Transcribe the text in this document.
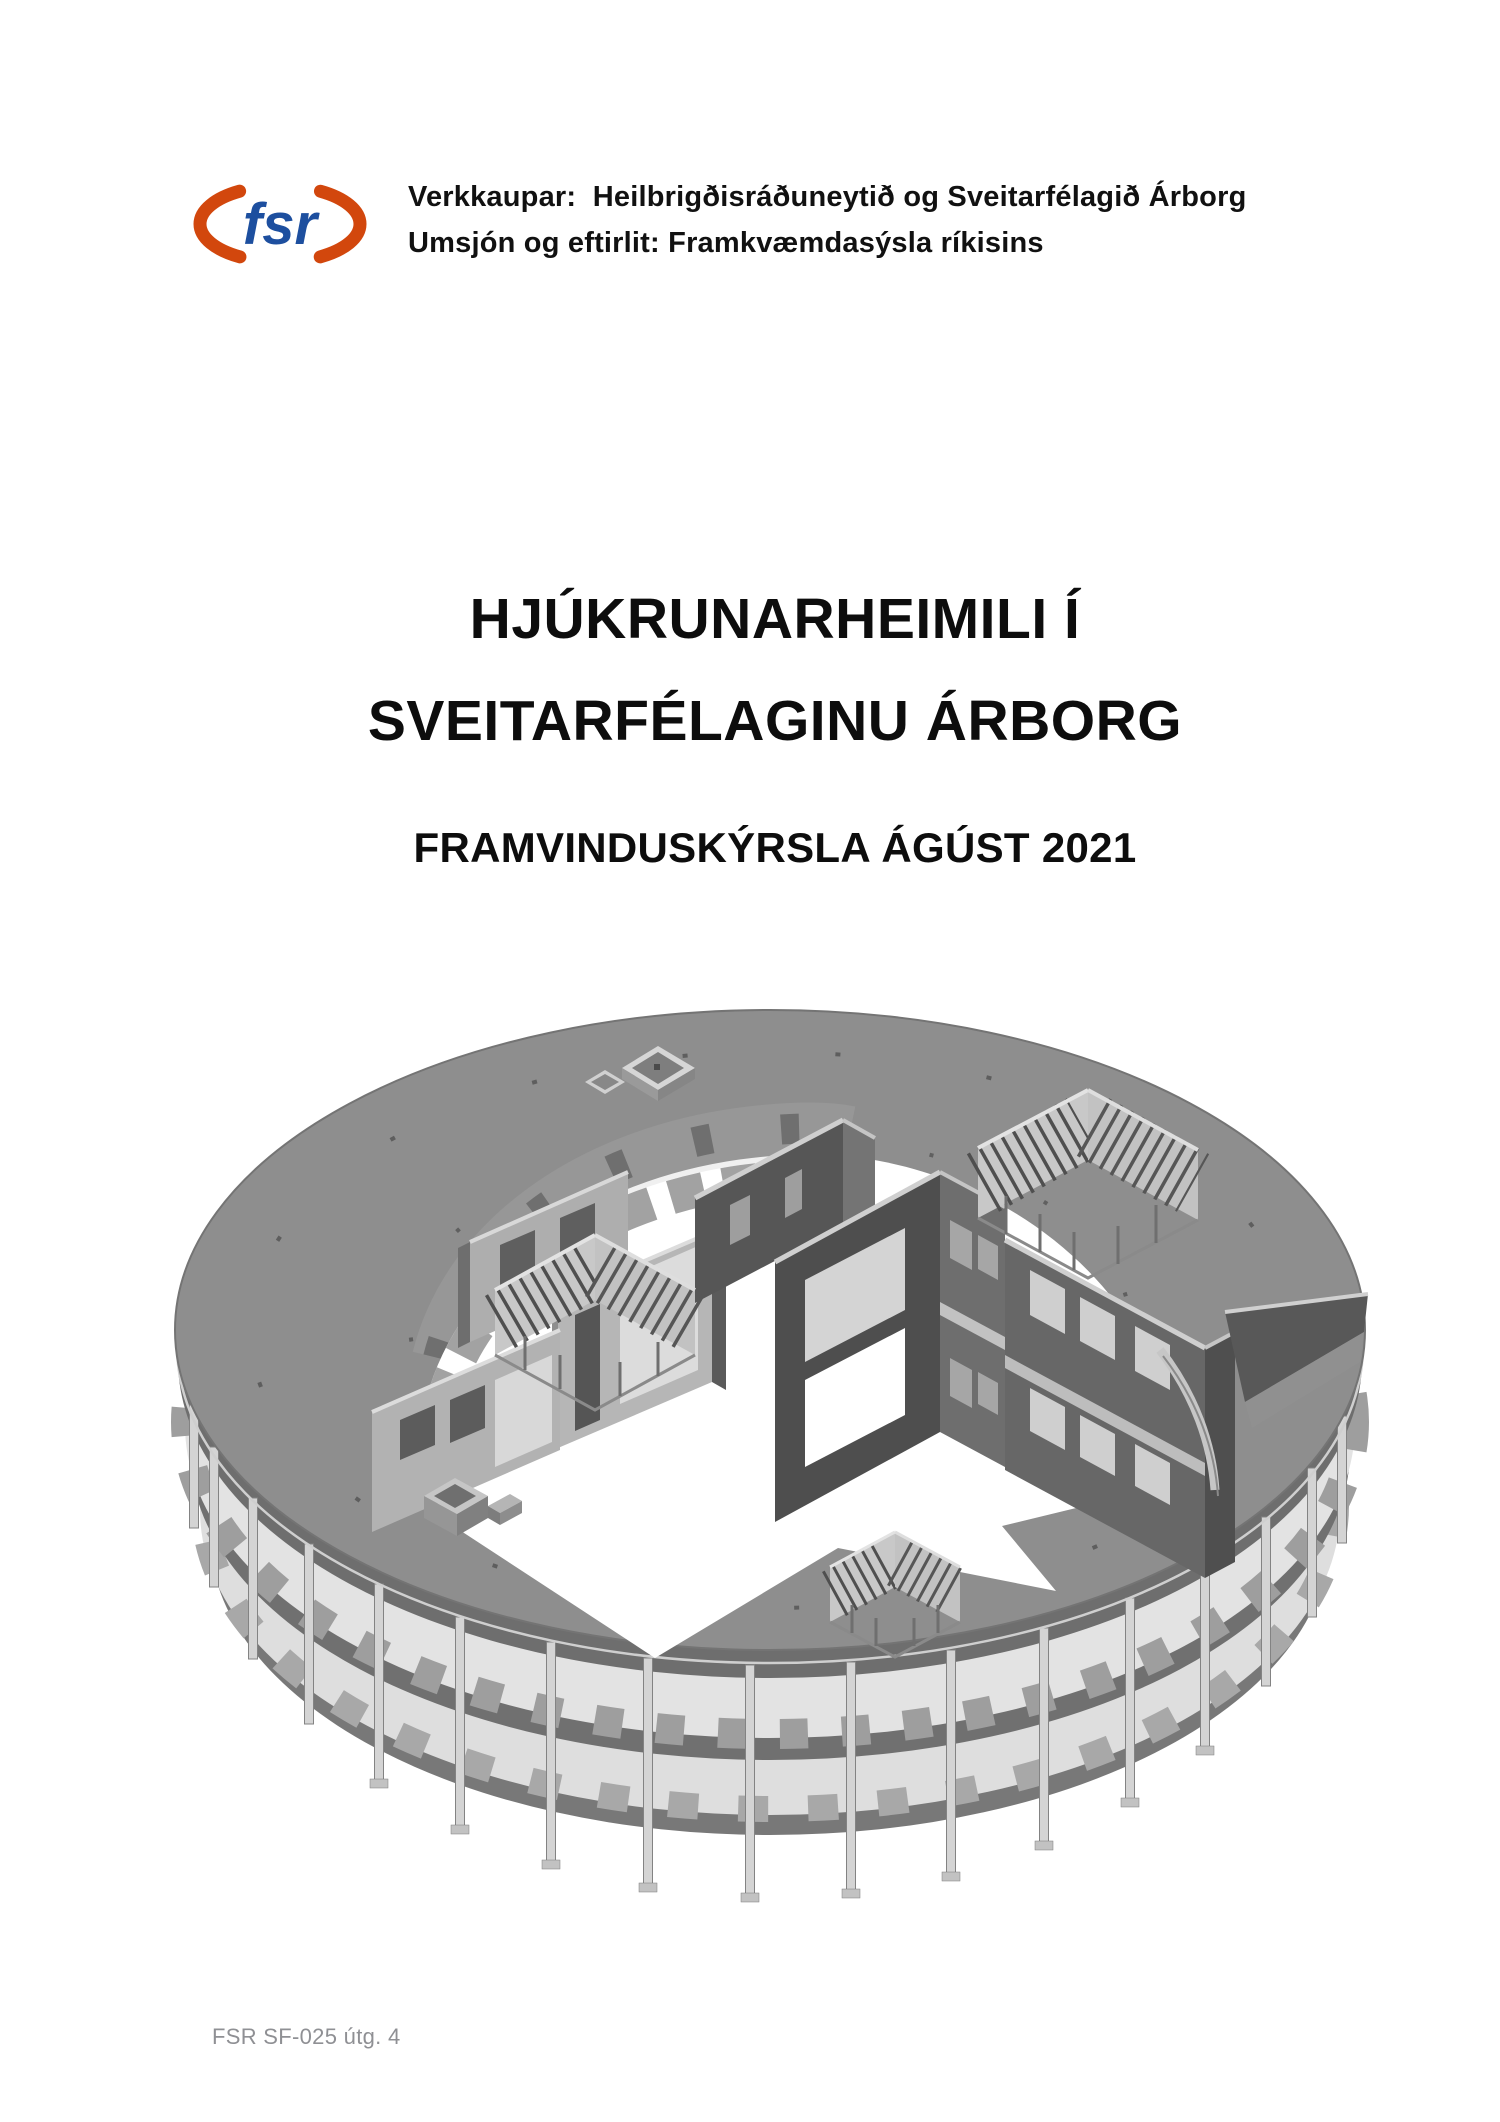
fsr	Verkkaupar:  Heilbrigðisráðuneytið og Sveitarfélagið Árborg
Umsjón og eftirlit: Framkvæmdasýsla ríkisins
HJÚKRUNARHEIMILI Í
SVEITARFÉLAGINU ÁRBORG
FRAMVINDUSKÝRSLA ÁGÚST 2021
FSR SF-025 útg. 4
